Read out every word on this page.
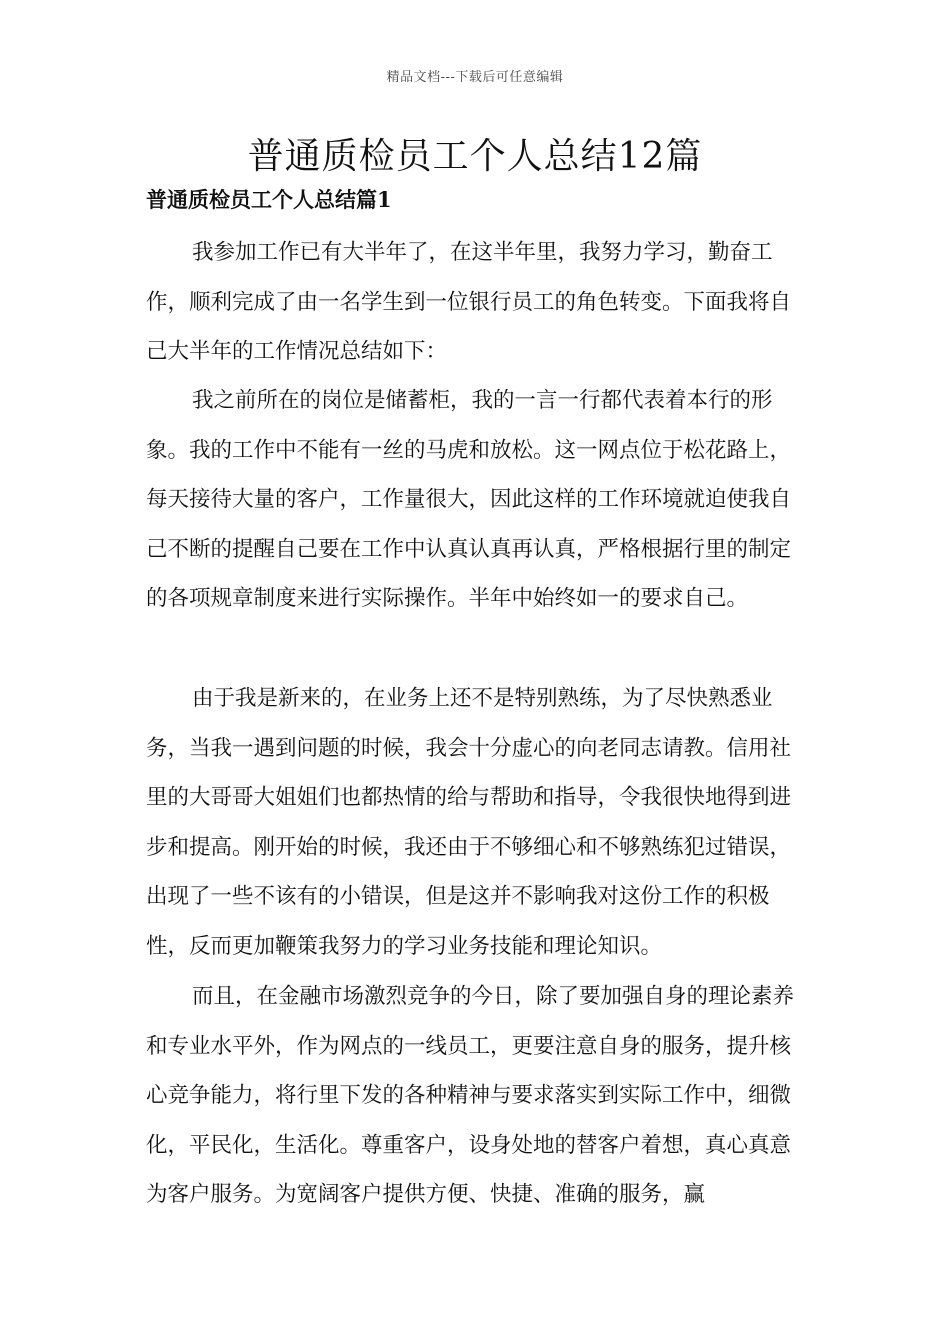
精品文档---下载后可任意编辑
普通质检员工个人总结12篇
普通质检员工个人总结篇1

我参加工作已有大半年了，在这半年里，我努力学习，勤奋工作，顺利完成了由一名学生到一位银行员工的角色转变。下面我将自己大半年的工作情况总结如下：

我之前所在的岗位是储蓄柜，我的一言一行都代表着本行的形象。我的工作中不能有一丝的马虎和放松。这一网点位于松花路上，每天接待大量的客户，工作量很大，因此这样的工作环境就迫使我自己不断的提醒自己要在工作中认真认真再认真，严格根据行里的制定的各项规章制度来进行实际操作。半年中始终如一的要求自己。

由于我是新来的，在业务上还不是特别熟练，为了尽快熟悉业务，当我一遇到问题的时候，我会十分虚心的向老同志请教。信用社里的大哥哥大姐姐们也都热情的给与帮助和指导，令我很快地得到进步和提高。刚开始的时候，我还由于不够细心和不够熟练犯过错误，出现了一些不该有的小错误，但是这并不影响我对这份工作的积极性，反而更加鞭策我努力的学习业务技能和理论知识。

而且，在金融市场激烈竞争的今日，除了要加强自身的理论素养和专业水平外，作为网点的一线员工，更要注意自身的服务，提升核心竞争能力，将行里下发的各种精神与要求落实到实际工作中，细微化，平民化，生活化。尊重客户，设身处地的替客户着想，真心真意为客户服务。为宽阔客户提供方便、快捷、准确的服务，赢
